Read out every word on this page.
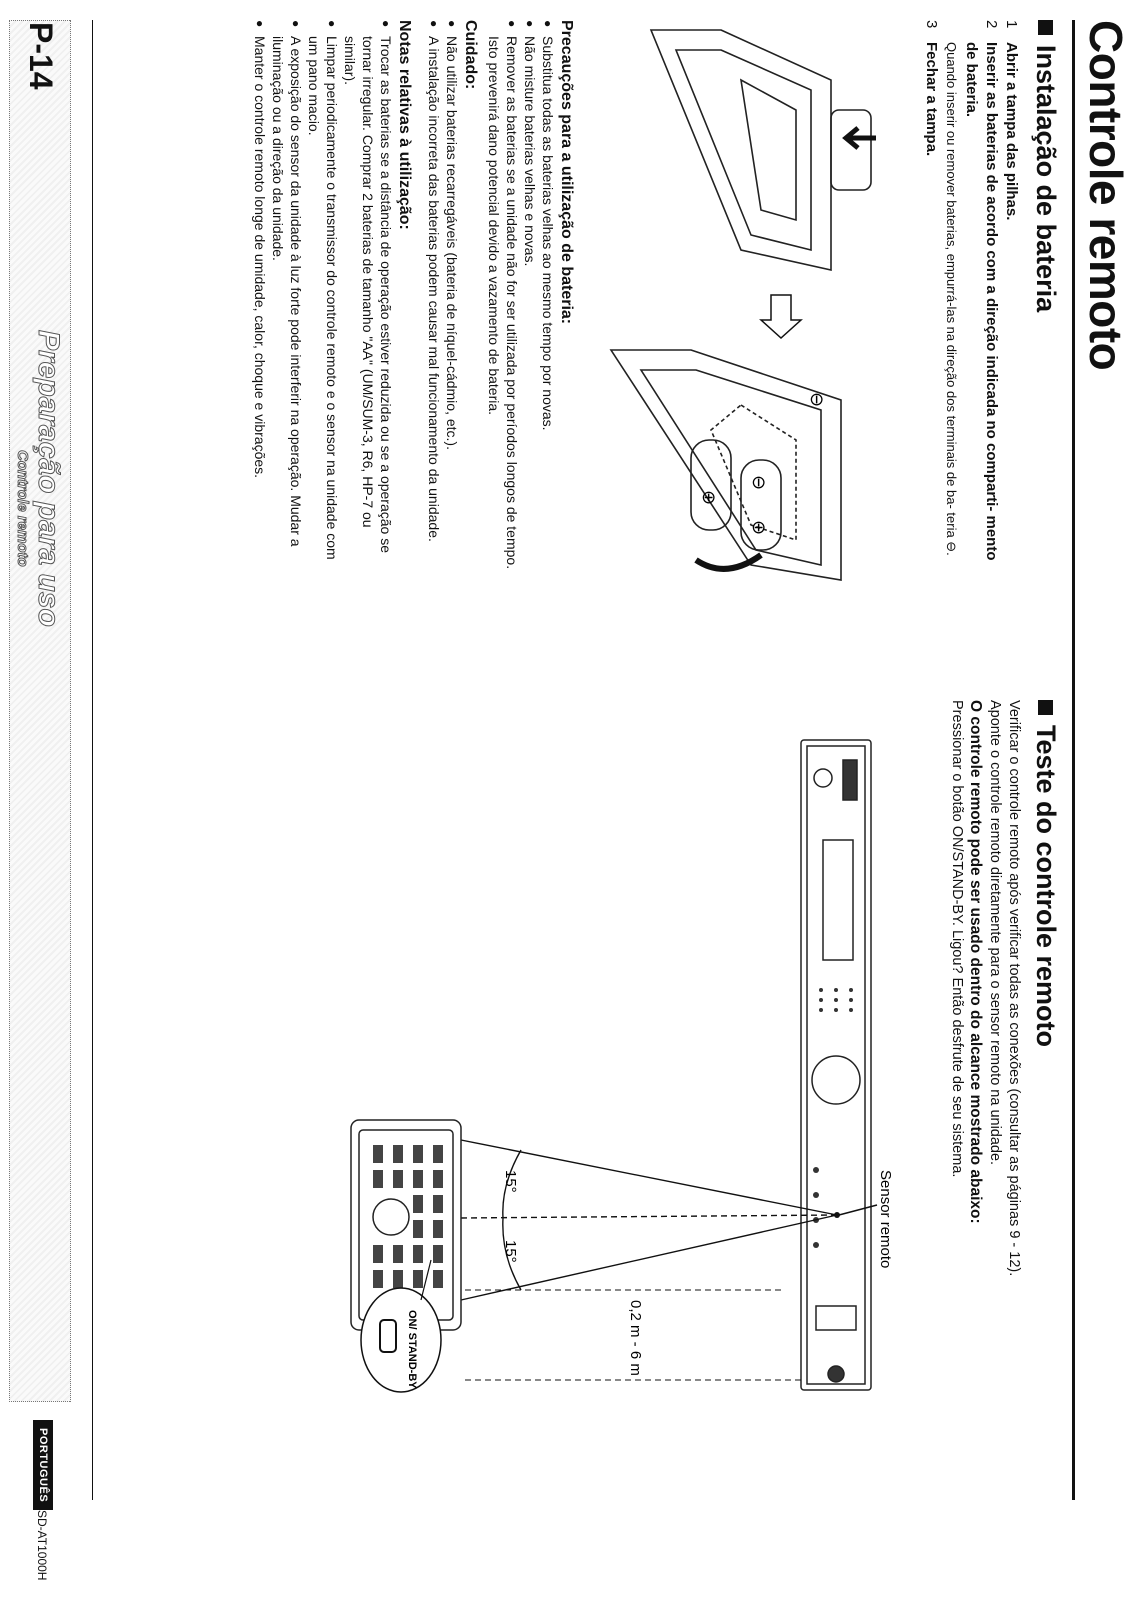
Controle remoto
Instalação de bateria
1
Abrir a tampa das pilhas.
2
Inserir as baterias de acordo com a direção indicada no comparti- mento de bateria.
Quando inserir ou remover baterias, empurrá-las na direção dos terminais de ba- teria ⊖.
3
Fechar a tampa.
⊖
⊖
⊕
⊕
Precauções para a utilização de bateria:
● Substitua todas as baterias velhas ao mesmo tempo por novas.
● Não misture baterias velhas e novas.
● Remover as baterias se a unidade não for ser utilizada por períodos longos de tempo. Isto prevenirá dano potencial devido a vazamento de bateria.
Cuidado:
● Não utilizar baterias recarregáveis (bateria de níquel-cádmio, etc.).
● A instalação incorreta das baterias podem causar mal funcionamento da unidade.
Notas relativas à utilização:
● Trocar as baterias se a distância de operação estiver reduzida ou se a operação se tornar irregular. Comprar 2 baterias de tamanho "AA" (UM/SUM-3, R6, HP-7 ou similar).
● Limpar periodicamente o transmissor do controle remoto e o sensor na unidade com um pano macio.
● A exposição do sensor da unidade à luz forte pode interferir na operação. Mudar a iluminação ou a direção da unidade.
● Manter o controle remoto longe de umidade, calor, choque e vibrações.
Teste do controle remoto
Verificar o controle remoto após verificar todas as conexões (consultar as páginas 9 - 12).
Aponte o controle remoto diretamente para o sensor remoto na unidade.
O controle remoto pode ser usado dentro do alcance mostrado abaixo:
Pressionar o botão ON/STAND-BY. Ligou? Então desfrute de seu sistema.
Sensor remoto
15°
15°
0,2 m - 6 m
ON/ STAND-BY
Preparação para uso
Controle remoto
P-14
PORTUGUÊS
SD-AT1000H
